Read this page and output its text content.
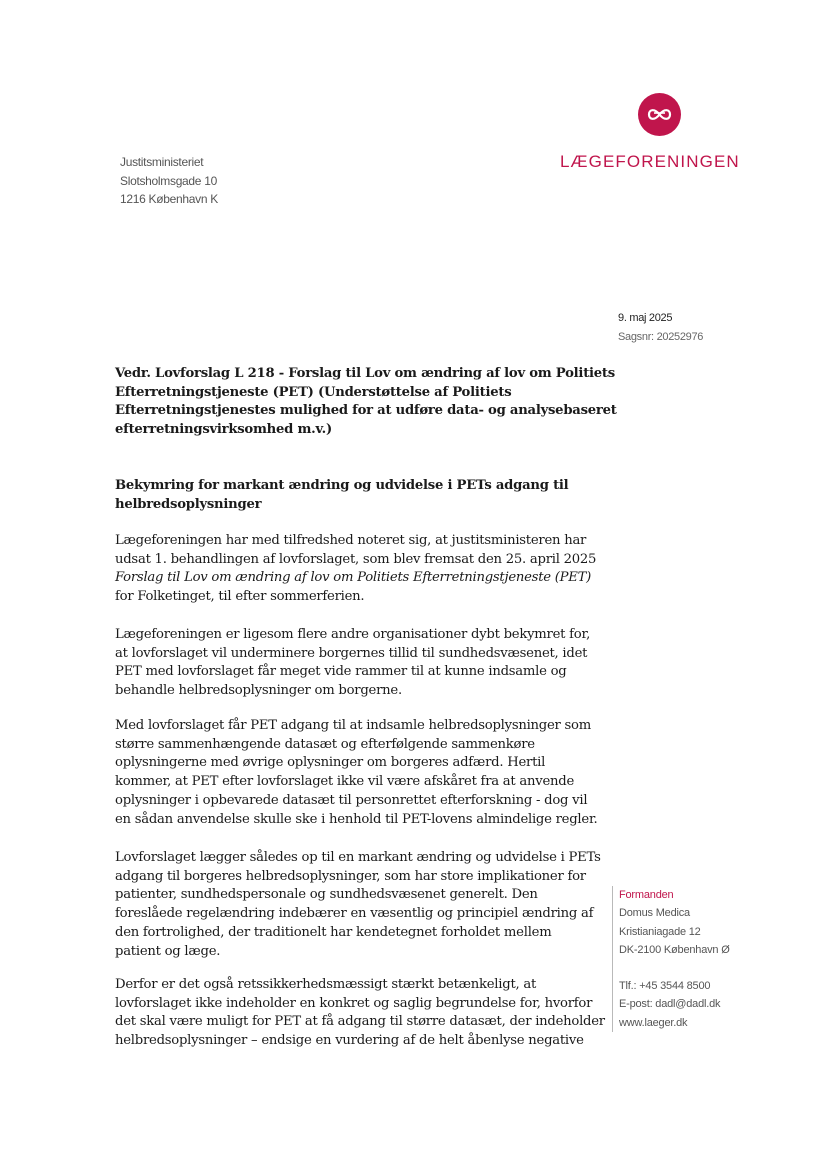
LÆGEFORENINGEN
Justitsministeriet
Slotsholmsgade 10
1216 København K
9. maj 2025
Sagsnr: 20252976
Vedr. Lovforslag L 218 - Forslag til Lov om ændring af lov om Politiets
Efterretningstjeneste (PET) (Understøttelse af Politiets
Efterretningstjenestes mulighed for at udføre data- og analysebaseret
efterretningsvirksomhed m.v.)
Bekymring for markant ændring og udvidelse i PETs adgang til
helbredsoplysninger
Lægeforeningen har med tilfredshed noteret sig, at justitsministeren har
udsat 1. behandlingen af lovforslaget, som blev fremsat den 25. april 2025
Forslag til Lov om ændring af lov om Politiets Efterretningstjeneste (PET)
for Folketinget, til efter sommerferien.
Lægeforeningen er ligesom flere andre organisationer dybt bekymret for,
at lovforslaget vil underminere borgernes tillid til sundhedsvæsenet, idet
PET med lovforslaget får meget vide rammer til at kunne indsamle og
behandle helbredsoplysninger om borgerne.
Med lovforslaget får PET adgang til at indsamle helbredsoplysninger som
større sammenhængende datasæt og efterfølgende sammenkøre
oplysningerne med øvrige oplysninger om borgeres adfærd. Hertil
kommer, at PET efter lovforslaget ikke vil være afskåret fra at anvende
oplysninger i opbevarede datasæt til personrettet efterforskning - dog vil
en sådan anvendelse skulle ske i henhold til PET-lovens almindelige regler.
Lovforslaget lægger således op til en markant ændring og udvidelse i PETs
adgang til borgeres helbredsoplysninger, som har store implikationer for
patienter, sundhedspersonale og sundhedsvæsenet generelt. Den
foreslåede regelændring indebærer en væsentlig og principiel ændring af
den fortrolighed, der traditionelt har kendetegnet forholdet mellem
patient og læge.
Derfor er det også retssikkerhedsmæssigt stærkt betænkeligt, at
lovforslaget ikke indeholder en konkret og saglig begrundelse for, hvorfor
det skal være muligt for PET at få adgang til større datasæt, der indeholder
helbredsoplysninger – endsige en vurdering af de helt åbenlyse negative
Formanden
Domus Medica
Kristianiagade 12
DK-2100 København Ø
Tlf.: +45 3544 8500
E-post: dadl@dadl.dk
www.laeger.dk
